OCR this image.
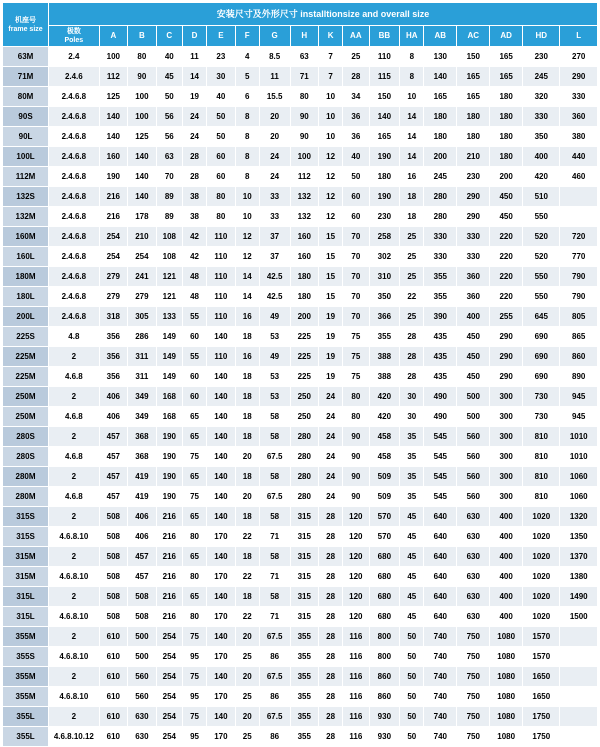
机座号
frame size	安装尺寸及外形尺寸 installtionsize and overall size																	

	极数
Poles	A	B	C	D	E	F	G	H	K	AA	BB	HA	AB	AC	AD	HD	L
63M	2.4	100	80	40	11	23	4	8.5	63	7	25	110	8	130	150	165	230	270
71M	2.4.6	112	90	45	14	30	5	11	71	7	28	115	8	140	165	165	245	290
80M	2.4.6.8	125	100	50	19	40	6	15.5	80	10	34	150	10	165	165	180	320	330
90S	2.4.6.8	140	100	56	24	50	8	20	90	10	36	140	14	180	180	180	330	360
90L	2.4.6.8	140	125	56	24	50	8	20	90	10	36	165	14	180	180	180	350	380
100L	2.4.6.8	160	140	63	28	60	8	24	100	12	40	190	14	200	210	180	400	440
112M	2.4.6.8	190	140	70	28	60	8	24	112	12	50	180	16	245	230	200	420	460
132S	2.4.6.8	216	140	89	38	80	10	33	132	12	60	190	18	280	290	450	510	
132M	2.4.6.8	216	178	89	38	80	10	33	132	12	60	230	18	280	290	450	550	
160M	2.4.6.8	254	210	108	42	110	12	37	160	15	70	258	25	330	330	220	520	720
160L	2.4.6.8	254	254	108	42	110	12	37	160	15	70	302	25	330	330	220	520	770
180M	2.4.6.8	279	241	121	48	110	14	42.5	180	15	70	310	25	355	360	220	550	790
180L	2.4.6.8	279	279	121	48	110	14	42.5	180	15	70	350	22	355	360	220	550	790
200L	2.4.6.8	318	305	133	55	110	16	49	200	19	70	366	25	390	400	255	645	805
225S	4.8	356	286	149	60	140	18	53	225	19	75	355	28	435	450	290	690	865
225M	2	356	311	149	55	110	16	49	225	19	75	388	28	435	450	290	690	860
225M	4.6.8	356	311	149	60	140	18	53	225	19	75	388	28	435	450	290	690	890
250M	2	406	349	168	60	140	18	53	250	24	80	420	30	490	500	300	730	945
250M	4.6.8	406	349	168	65	140	18	58	250	24	80	420	30	490	500	300	730	945
280S	2	457	368	190	65	140	18	58	280	24	90	458	35	545	560	300	810	1010
280S	4.6.8	457	368	190	75	140	20	67.5	280	24	90	458	35	545	560	300	810	1010
280M	2	457	419	190	65	140	18	58	280	24	90	509	35	545	560	300	810	1060
280M	4.6.8	457	419	190	75	140	20	67.5	280	24	90	509	35	545	560	300	810	1060
315S	2	508	406	216	65	140	18	58	315	28	120	570	45	640	630	400	1020	1320
315S	4.6.8.10	508	406	216	80	170	22	71	315	28	120	570	45	640	630	400	1020	1350
315M	2	508	457	216	65	140	18	58	315	28	120	680	45	640	630	400	1020	1370
315M	4.6.8.10	508	457	216	80	170	22	71	315	28	120	680	45	640	630	400	1020	1380
315L	2	508	508	216	65	140	18	58	315	28	120	680	45	640	630	400	1020	1490
315L	4.6.8.10	508	508	216	80	170	22	71	315	28	120	680	45	640	630	400	1020	1500
355M	2	610	500	254	75	140	20	67.5	355	28	116	800	50	740	750	1080	1570	
355S	4.6.8.10	610	500	254	95	170	25	86	355	28	116	800	50	740	750	1080	1570	
355M	2	610	560	254	75	140	20	67.5	355	28	116	860	50	740	750	1080	1650	
355M	4.6.8.10	610	560	254	95	170	25	86	355	28	116	860	50	740	750	1080	1650	
355L	2	610	630	254	75	140	20	67.5	355	28	116	930	50	740	750	1080	1750	
355L	4.6.8.10.12	610	630	254	95	170	25	86	355	28	116	930	50	740	750	1080	1750	
